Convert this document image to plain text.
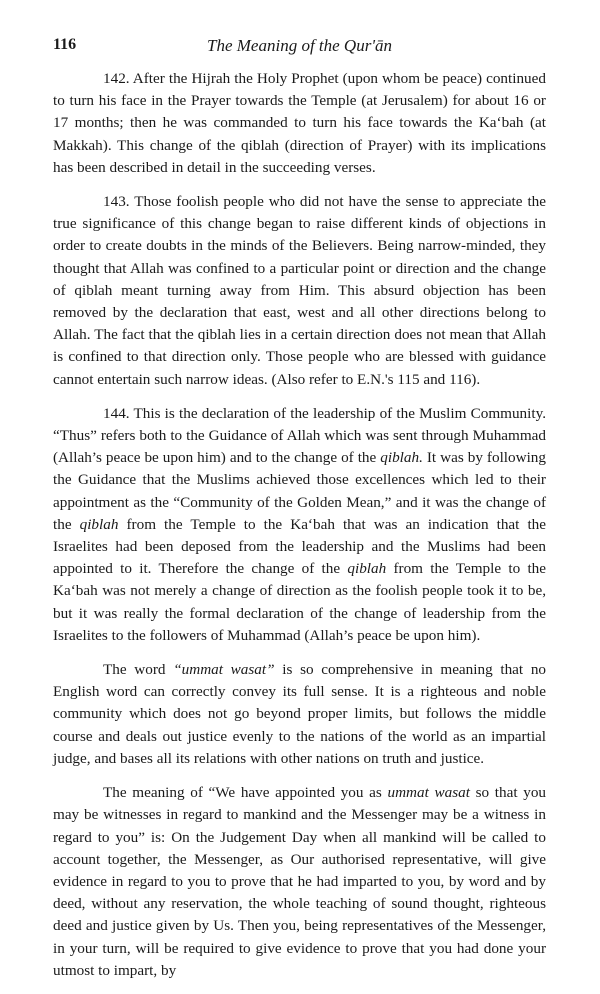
116	The Meaning of the Qur'ān

142. After the Hijrah the Holy Prophet (upon whom be peace) continued to turn his face in the Prayer towards the Temple (at Jerusalem) for about 16 or 17 months; then he was commanded to turn his face towards the Ka‘bah (at Makkah). This change of the qiblah (direction of Prayer) with its implications has been described in detail in the succeeding verses.

143. Those foolish people who did not have the sense to appreciate the true significance of this change began to raise different kinds of objections in order to create doubts in the minds of the Believers. Being narrow-minded, they thought that Allah was confined to a particular point or direction and the change of qiblah meant turning away from Him. This absurd objection has been removed by the declaration that east, west and all other directions belong to Allah. The fact that the qiblah lies in a certain direction does not mean that Allah is confined to that direction only. Those people who are blessed with guidance cannot entertain such narrow ideas. (Also refer to E.N.'s 115 and 116).

144. This is the declaration of the leadership of the Muslim Community. “Thus” refers both to the Guidance of Allah which was sent through Muhammad (Allah’s peace be upon him) and to the change of the qiblah. It was by following the Guidance that the Muslims achieved those excellences which led to their appointment as the “Community of the Golden Mean,” and it was the change of the qiblah from the Temple to the Ka‘bah that was an indication that the Israelites had been deposed from the leadership and the Muslims had been appointed to it. Therefore the change of the qiblah from the Temple to the Ka‘bah was not merely a change of direction as the foolish people took it to be, but it was really the formal declaration of the change of leadership from the Israelites to the followers of Muhammad (Allah’s peace be upon him).

The word “ummat wasat” is so comprehensive in meaning that no English word can correctly convey its full sense. It is a righteous and noble community which does not go beyond proper limits, but follows the middle course and deals out justice evenly to the nations of the world as an impartial judge, and bases all its relations with other nations on truth and justice.

The meaning of “We have appointed you as ummat wasat so that you may be witnesses in regard to mankind and the Messenger may be a witness in regard to you” is: On the Judgement Day when all mankind will be called to account together, the Messenger, as Our authorised representative, will give evidence in regard to you to prove that he had imparted to you, by word and by deed, without any reservation, the whole teaching of sound thought, righteous deed and justice given by Us. Then you, being representatives of the Messenger, in your turn, will be required to give evidence to prove that you had done your utmost to impart, by
